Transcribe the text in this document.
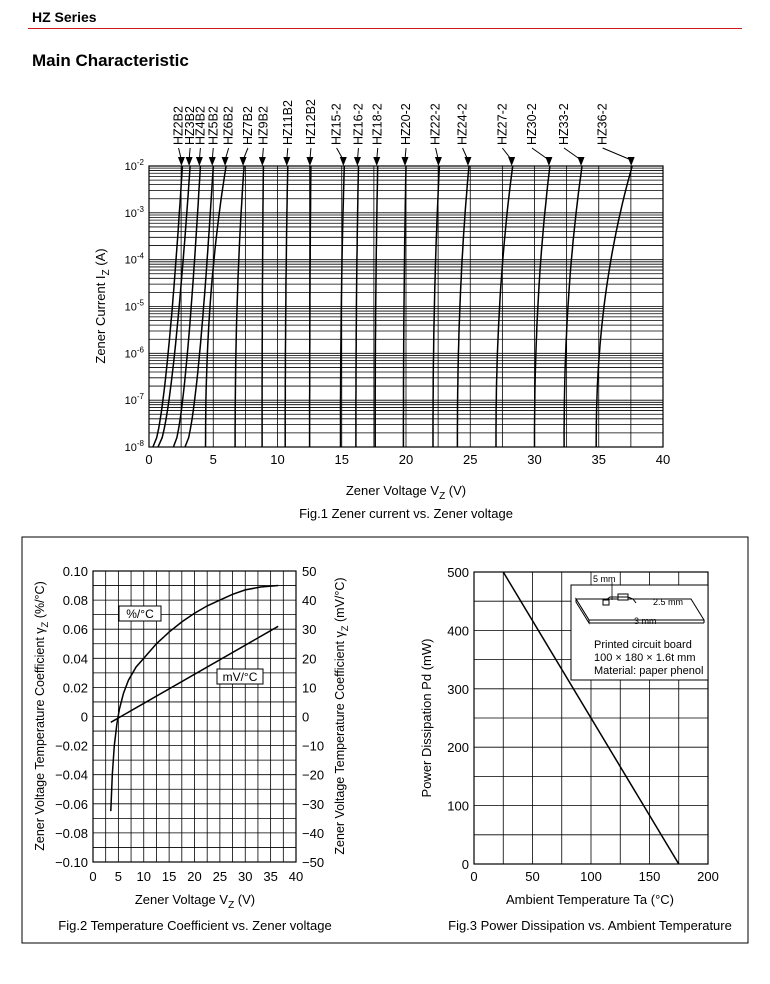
HZ Series
Main Characteristic
0	5	10	15	20	25	30	35	40
$10^{-2}$
$10^{-3}$
$10^{-4}$
$10^{-5}$
$10^{-6}$
$10^{-7}$
$10^{-8}$
HZ2B2
HZ3B2
HZ4B2
HZ5B2 HZ6B2 HZ7B2 HZ9B2 HZ11B2 HZ12B2 HZ15-2 HZ16-2 HZ18-2 HZ20-2 HZ22-2 HZ24-2 HZ27-2 HZ30-2 HZ33-2 HZ36-2
Zener Current $I_Z$ (A)
Zener Voltage $V_Z$ (V)
Fig.1 Zener current vs. Zener voltage
0 5 10 15 20 25 30 35 40
0.10
0.08
0.06
0.04
0.02
0
−0.02
−0.04
−0.06
−0.08
−0.10
50
40
30
20
10
0
−10
−20
−30
−40
−50
%/°C
mV/°C
Zener Voltage Temperature Coefficient $\gamma_Z$ (%/°C)
Zener Voltage Temperature Coefficient $\gamma_Z$ (mV/°C)
Zener Voltage $V_Z$ (V)
Fig.2 Temperature Coefficient vs. Zener voltage
0	50	100	150	200
500
400
300
200
100
0
5 mm
2.5 mm
3 mm
Printed circuit board
100 × 180 × 1.6t mm
Material: paper phenol
Power Dissipation Pd (mW)
Ambient Temperature Ta (°C)
Fig.3 Power Dissipation vs. Ambient Temperature
